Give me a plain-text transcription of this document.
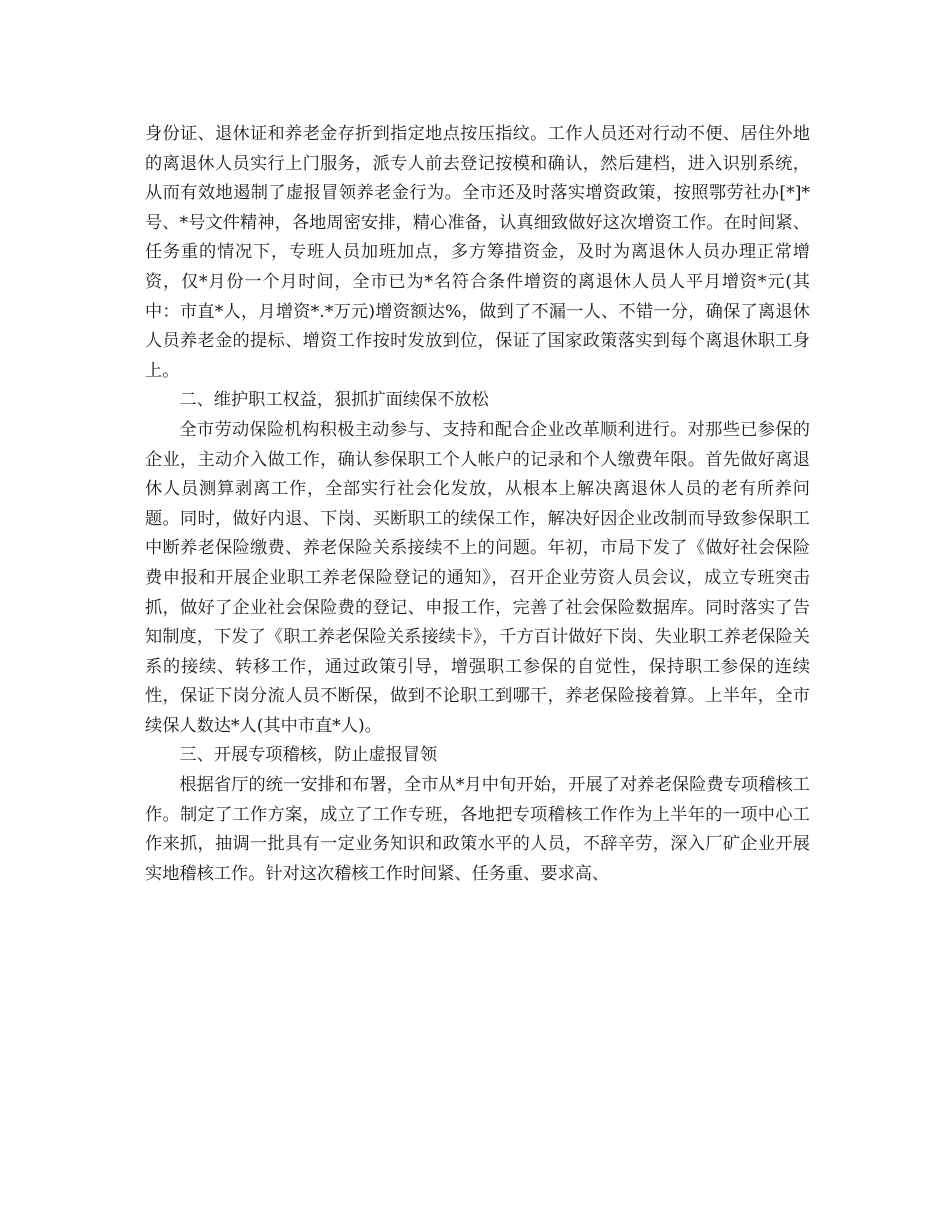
身份证、退休证和养老金存折到指定地点按压指纹。工作人员还对行动不便、居住外地的离退休人员实行上门服务，派专人前去登记按模和确认，然后建档，进入识别系统，从而有效地遏制了虚报冒领养老金行为。全市还及时落实增资政策，按照鄂劳社办[*]*号、*号文件精神，各地周密安排，精心准备，认真细致做好这次增资工作。在时间紧、任务重的情况下，专班人员加班加点，多方筹措资金，及时为离退休人员办理正常增资，仅*月份一个月时间，全市已为*名符合条件增资的离退休人员人平月增资*元(其中：市直*人，月增资*.*万元)增资额达%，做到了不漏一人、不错一分，确保了离退休人员养老金的提标、增资工作按时发放到位，保证了国家政策落实到每个离退休职工身上。

二、维护职工权益，狠抓扩面续保不放松

全市劳动保险机构积极主动参与、支持和配合企业改革顺利进行。对那些已参保的企业，主动介入做工作，确认参保职工个人帐户的记录和个人缴费年限。首先做好离退休人员测算剥离工作，全部实行社会化发放，从根本上解决离退休人员的老有所养问题。同时，做好内退、下岗、买断职工的续保工作，解决好因企业改制而导致参保职工中断养老保险缴费、养老保险关系接续不上的问题。年初，市局下发了《做好社会保险费申报和开展企业职工养老保险登记的通知》，召开企业劳资人员会议，成立专班突击抓，做好了企业社会保险费的登记、申报工作，完善了社会保险数据库。同时落实了告知制度，下发了《职工养老保险关系接续卡》，千方百计做好下岗、失业职工养老保险关系的接续、转移工作，通过政策引导，增强职工参保的自觉性，保持职工参保的连续性，保证下岗分流人员不断保，做到不论职工到哪干，养老保险接着算。上半年，全市续保人数达*人(其中市直*人)。

三、开展专项稽核，防止虚报冒领

根据省厅的统一安排和布署，全市从*月中旬开始，开展了对养老保险费专项稽核工作。制定了工作方案，成立了工作专班，各地把专项稽核工作作为上半年的一项中心工作来抓，抽调一批具有一定业务知识和政策水平的人员，不辞辛劳，深入厂矿企业开展实地稽核工作。针对这次稽核工作时间紧、任务重、要求高、
